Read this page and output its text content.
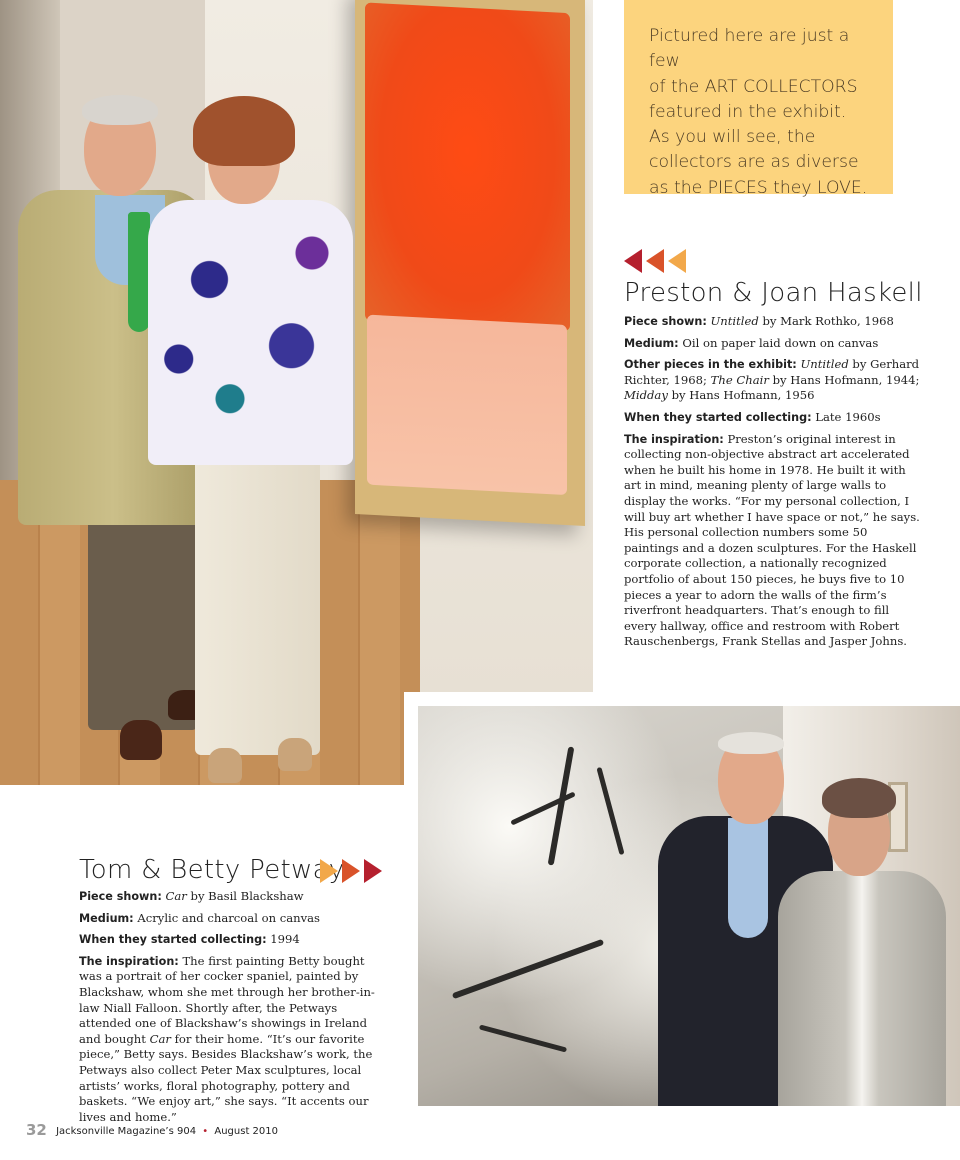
Pictured here are just a few
of the ART COLLECTORS
featured in the exhibit.
As you will see, the
collectors are as diverse
as the PIECES they LOVE.

Preston & Joan Haskell

Piece shown: Untitled by Mark Rothko, 1968

Medium: Oil on paper laid down on canvas

Other pieces in the exhibit: Untitled by Gerhard Richter, 1968; The Chair by Hans Hofmann, 1944; Midday by Hans Hofmann, 1956

When they started collecting: Late 1960s

The inspiration: Preston’s original interest in collecting non-objective abstract art accelerated when he built his home in 1978. He built it with art in mind, meaning plenty of large walls to display the works. “For my personal collection, I will buy art whether I have space or not,” he says. His personal collection numbers some 50 paintings and a dozen sculptures. For the Haskell corporate collection, a nationally recognized portfolio of about 150 pieces, he buys five to 10 pieces a year to adorn the walls of the firm’s riverfront headquarters. That’s enough to fill every hallway, office and restroom with Robert Rauschenbergs, Frank Stellas and Jasper Johns.

Tom & Betty Petway

Piece shown: Car by Basil Blackshaw

Medium: Acrylic and charcoal on canvas

When they started collecting: 1994

The inspiration: The first painting Betty bought was a portrait of her cocker spaniel, painted by Blackshaw, whom she met through her brother-in-law Niall Falloon. Shortly after, the Petways attended one of Blackshaw’s showings in Ireland and bought Car for their home. “It’s our favorite piece,” Betty says. Besides Blackshaw’s work, the Petways also collect Peter Max sculptures, local artists’ works, floral photography, pottery and baskets. “We enjoy art,” she says. “It accents our lives and home.”

32 Jacksonville Magazine’s 904 • August 2010
